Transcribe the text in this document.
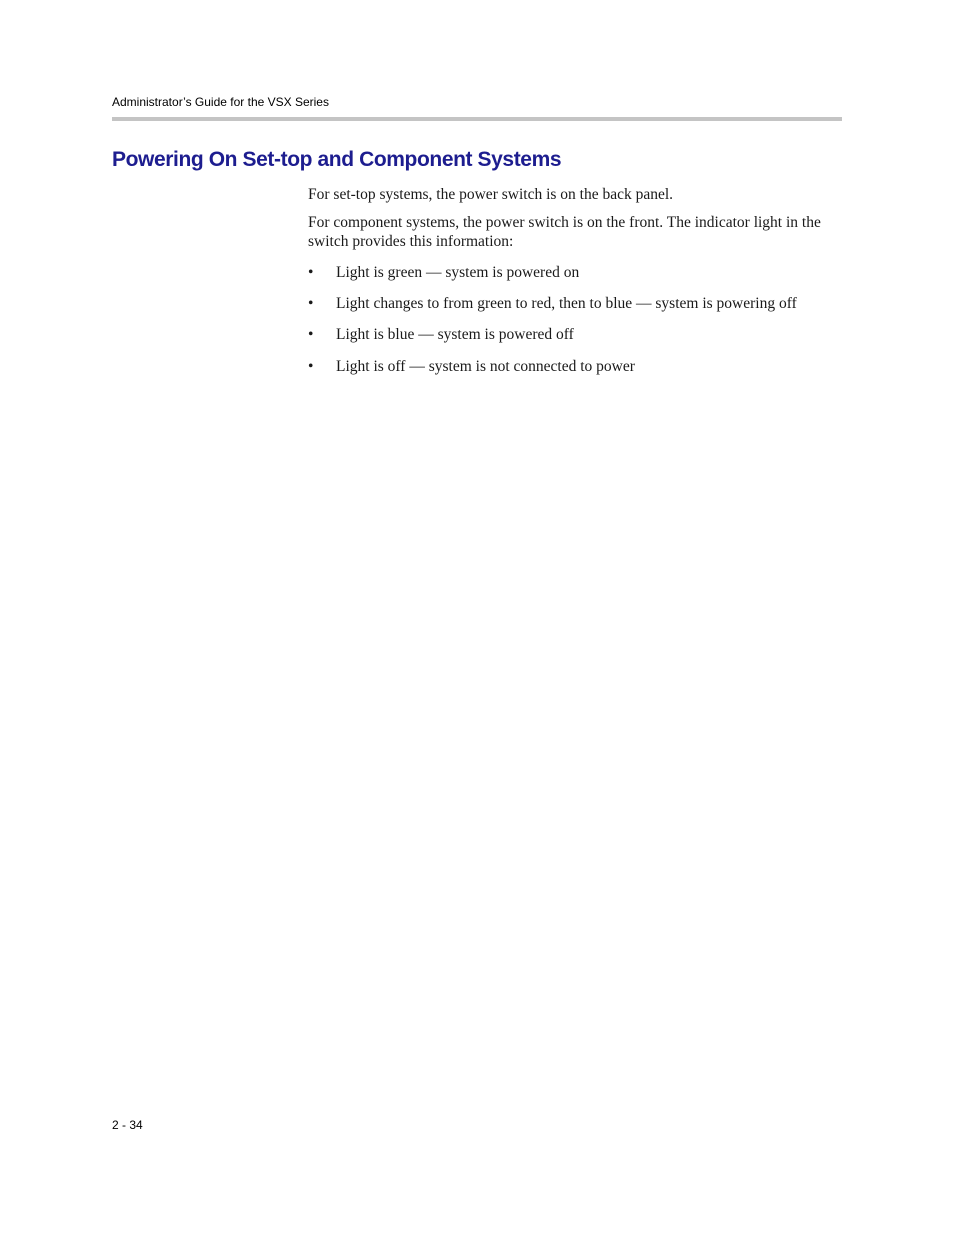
Administrator’s Guide for the VSX Series
Powering On Set-top and Component Systems

For set-top systems, the power switch is on the back panel.

For component systems, the power switch is on the front. The indicator light in the switch provides this information:

• Light is green — system is powered on
• Light changes to from green to red, then to blue — system is powering off
• Light is blue — system is powered off
• Light is off — system is not connected to power
2 - 34
